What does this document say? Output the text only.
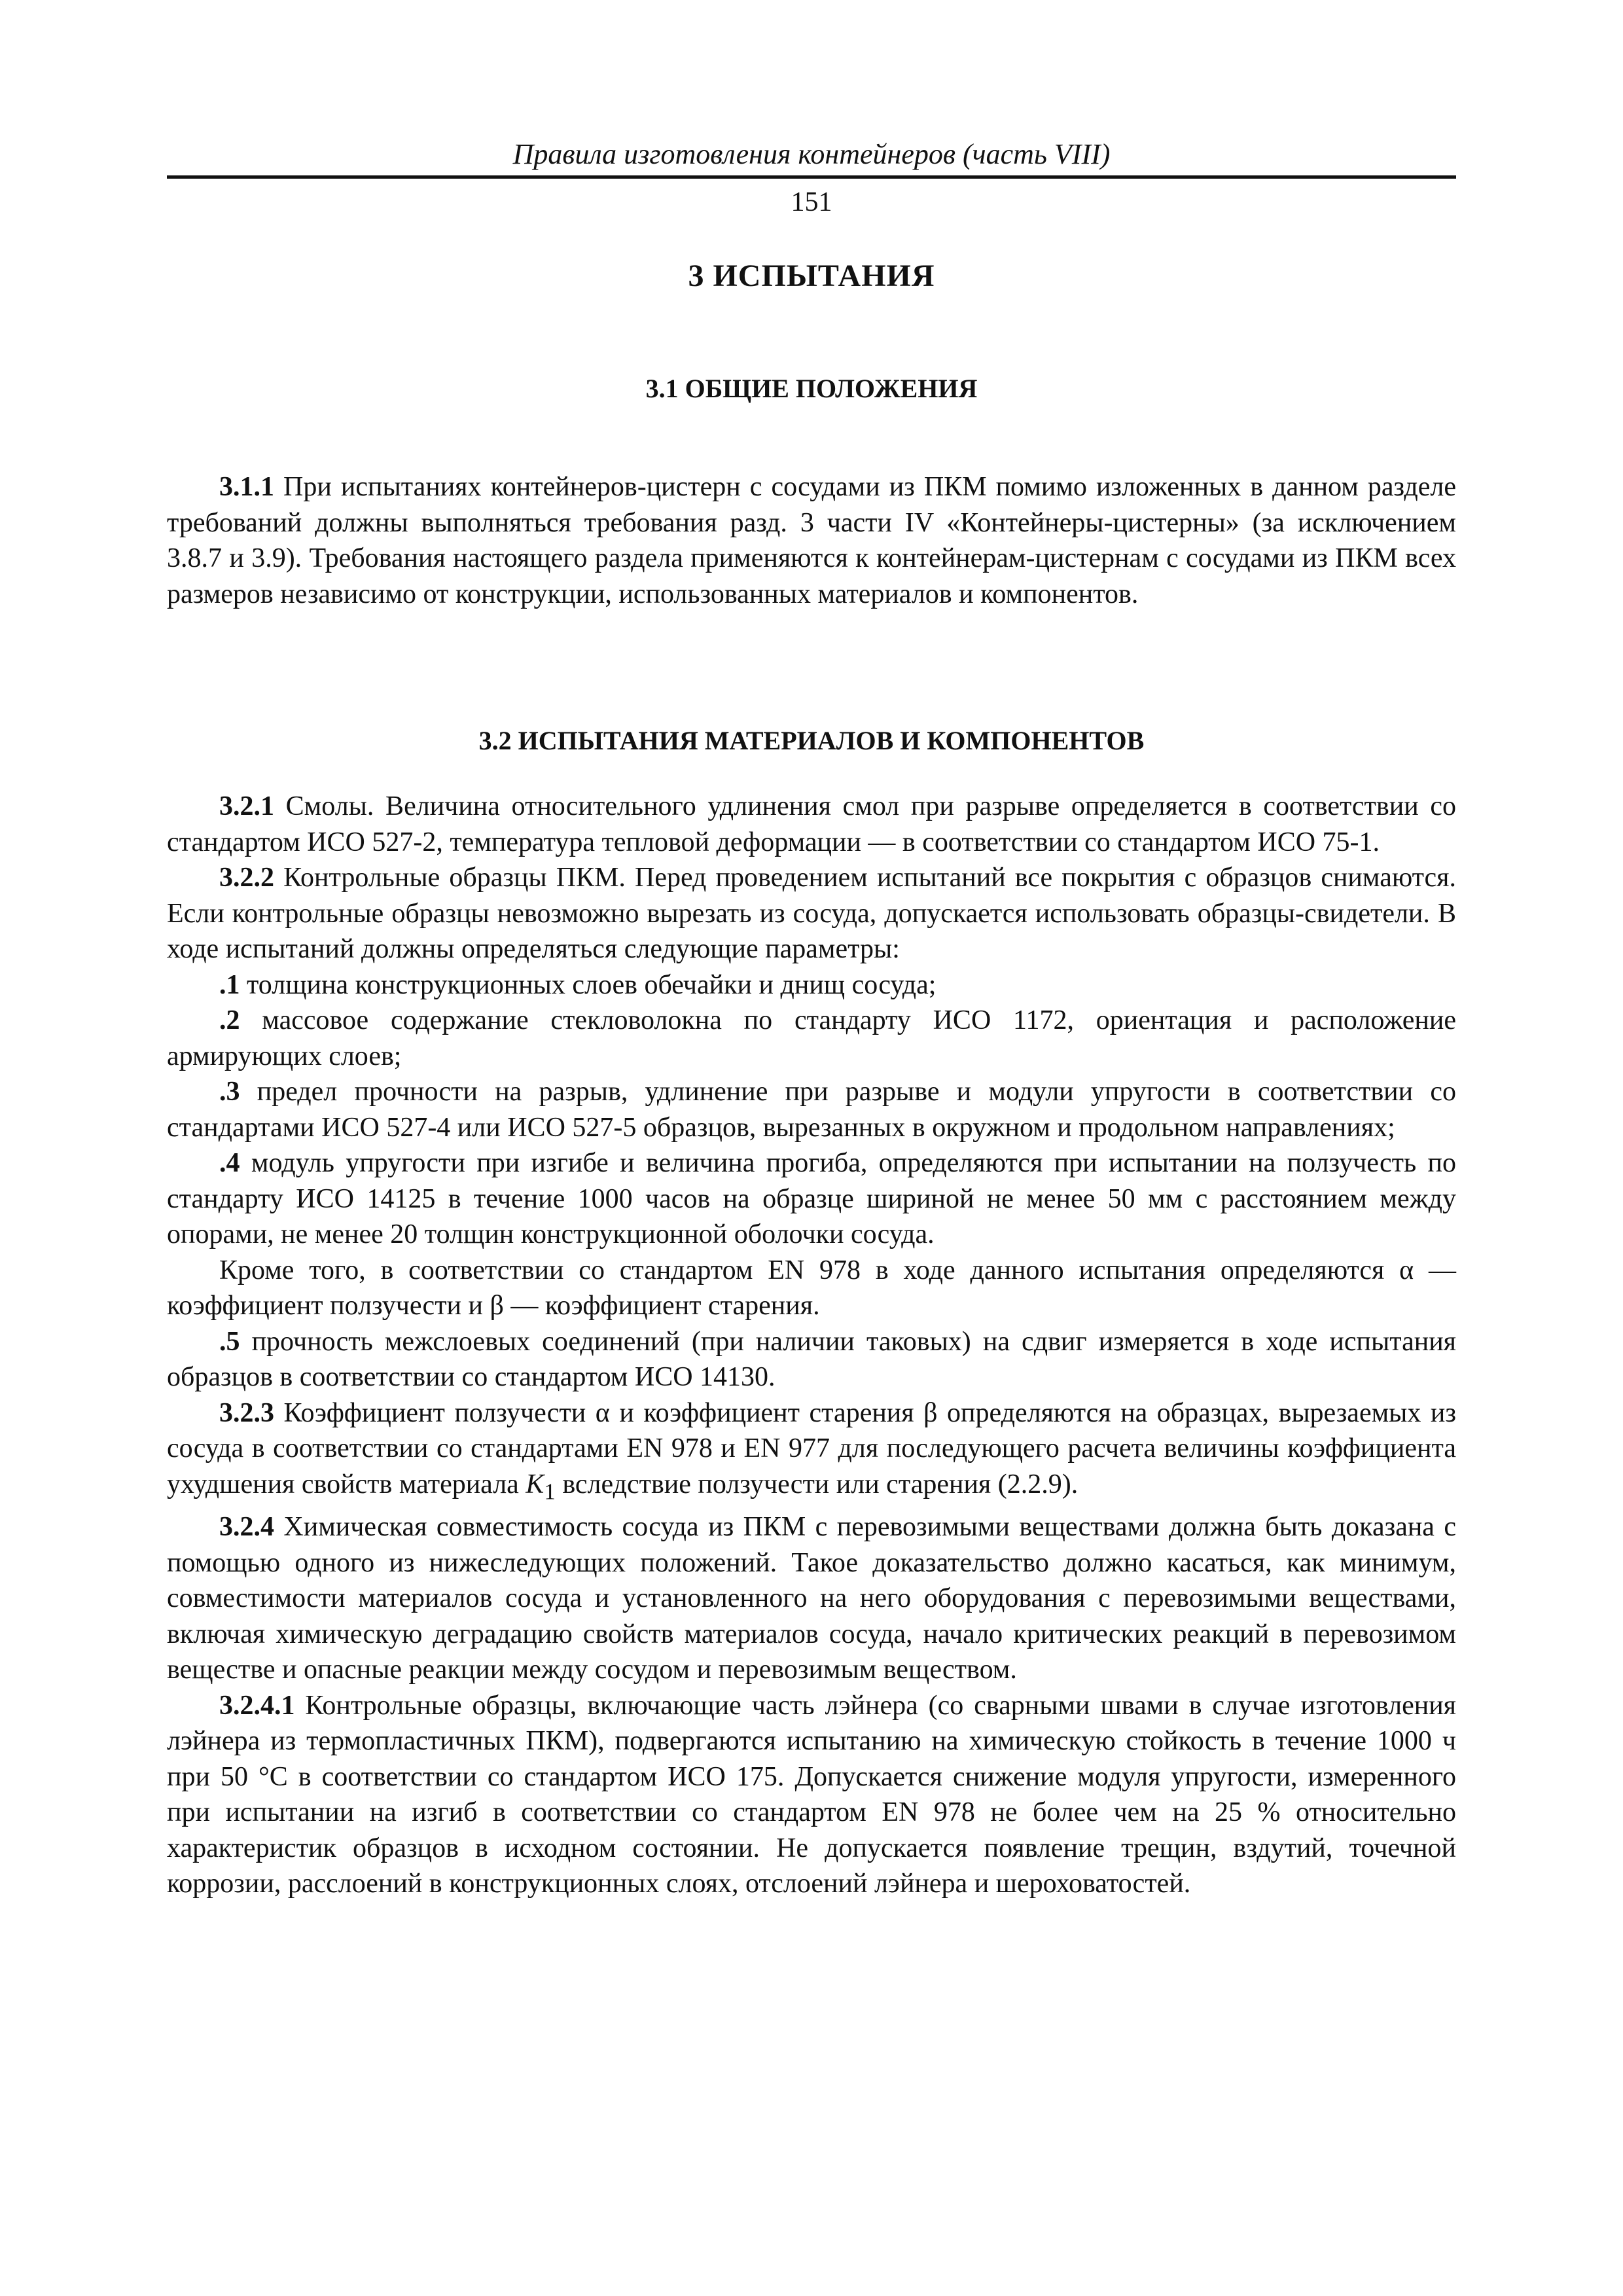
Правила изготовления контейнеров (часть VIII)
151
3 ИСПЫТАНИЯ
3.1 ОБЩИЕ ПОЛОЖЕНИЯ

3.1.1 При испытаниях контейнеров-цистерн с сосудами из ПКМ помимо изложенных в данном разделе требований должны выполняться требования разд. 3 части IV «Контейнеры-цистерны» (за исключением 3.8.7 и 3.9). Требования настоящего раздела применяются к контейнерам-цистернам с сосудами из ПКМ всех размеров независимо от конструкции, использованных материалов и компонентов.

3.2 ИСПЫТАНИЯ МАТЕРИАЛОВ И КОМПОНЕНТОВ

3.2.1 Смолы. Величина относительного удлинения смол при разрыве определяется в соответствии со стандартом ИСО 527-2, температура тепловой деформации — в соответствии со стандартом ИСО 75-1.

3.2.2 Контрольные образцы ПКМ. Перед проведением испытаний все покрытия с образцов снимаются. Если контрольные образцы невозможно вырезать из сосуда, допускается использовать образцы-свидетели. В ходе испытаний должны определяться следующие параметры:

.1 толщина конструкционных слоев обечайки и днищ сосуда;

.2 массовое содержание стекловолокна по стандарту ИСО 1172, ориентация и расположение армирующих слоев;

.3 предел прочности на разрыв, удлинение при разрыве и модули упругости в соответствии со стандартами ИСО 527-4 или ИСО 527-5 образцов, вырезанных в окружном и продольном направлениях;

.4 модуль упругости при изгибе и величина прогиба, определяются при испытании на ползучесть по стандарту ИСО 14125 в течение 1000 часов на образце шириной не менее 50 мм с расстоянием между опорами, не менее 20 толщин конструкционной оболочки сосуда.

Кроме того, в соответствии со стандартом EN 978 в ходе данного испытания определяются α — коэффициент ползучести и β — коэффициент старения.

.5 прочность межслоевых соединений (при наличии таковых) на сдвиг измеряется в ходе испытания образцов в соответствии со стандартом ИСО 14130.

3.2.3 Коэффициент ползучести α и коэффициент старения β определяются на образцах, вырезаемых из сосуда в соответствии со стандартами EN 978 и EN 977 для последующего расчета величины коэффициента ухудшения свойств материала $K_1$ вследствие ползучести или старения (2.2.9).

3.2.4 Химическая совместимость сосуда из ПКМ с перевозимыми веществами должна быть доказана с помощью одного из нижеследующих положений. Такое доказательство должно касаться, как минимум, совместимости материалов сосуда и установленного на него оборудования с перевозимыми веществами, включая химическую деградацию свойств материалов сосуда, начало критических реакций в перевозимом веществе и опасные реакции между сосудом и перевозимым веществом.

3.2.4.1 Контрольные образцы, включающие часть лэйнера (со сварными швами в случае изготовления лэйнера из термопластичных ПКМ), подвергаются испытанию на химическую стойкость в течение 1000 ч при 50 °С в соответствии со стандартом ИСО 175. Допускается снижение модуля упругости, измеренного при испытании на изгиб в соответствии со стандартом EN 978 не более чем на 25 % относительно характеристик образцов в исходном состоянии. Не допускается появление трещин, вздутий, точечной коррозии, расслоений в конструкционных слоях, отслоений лэйнера и шероховатостей.
